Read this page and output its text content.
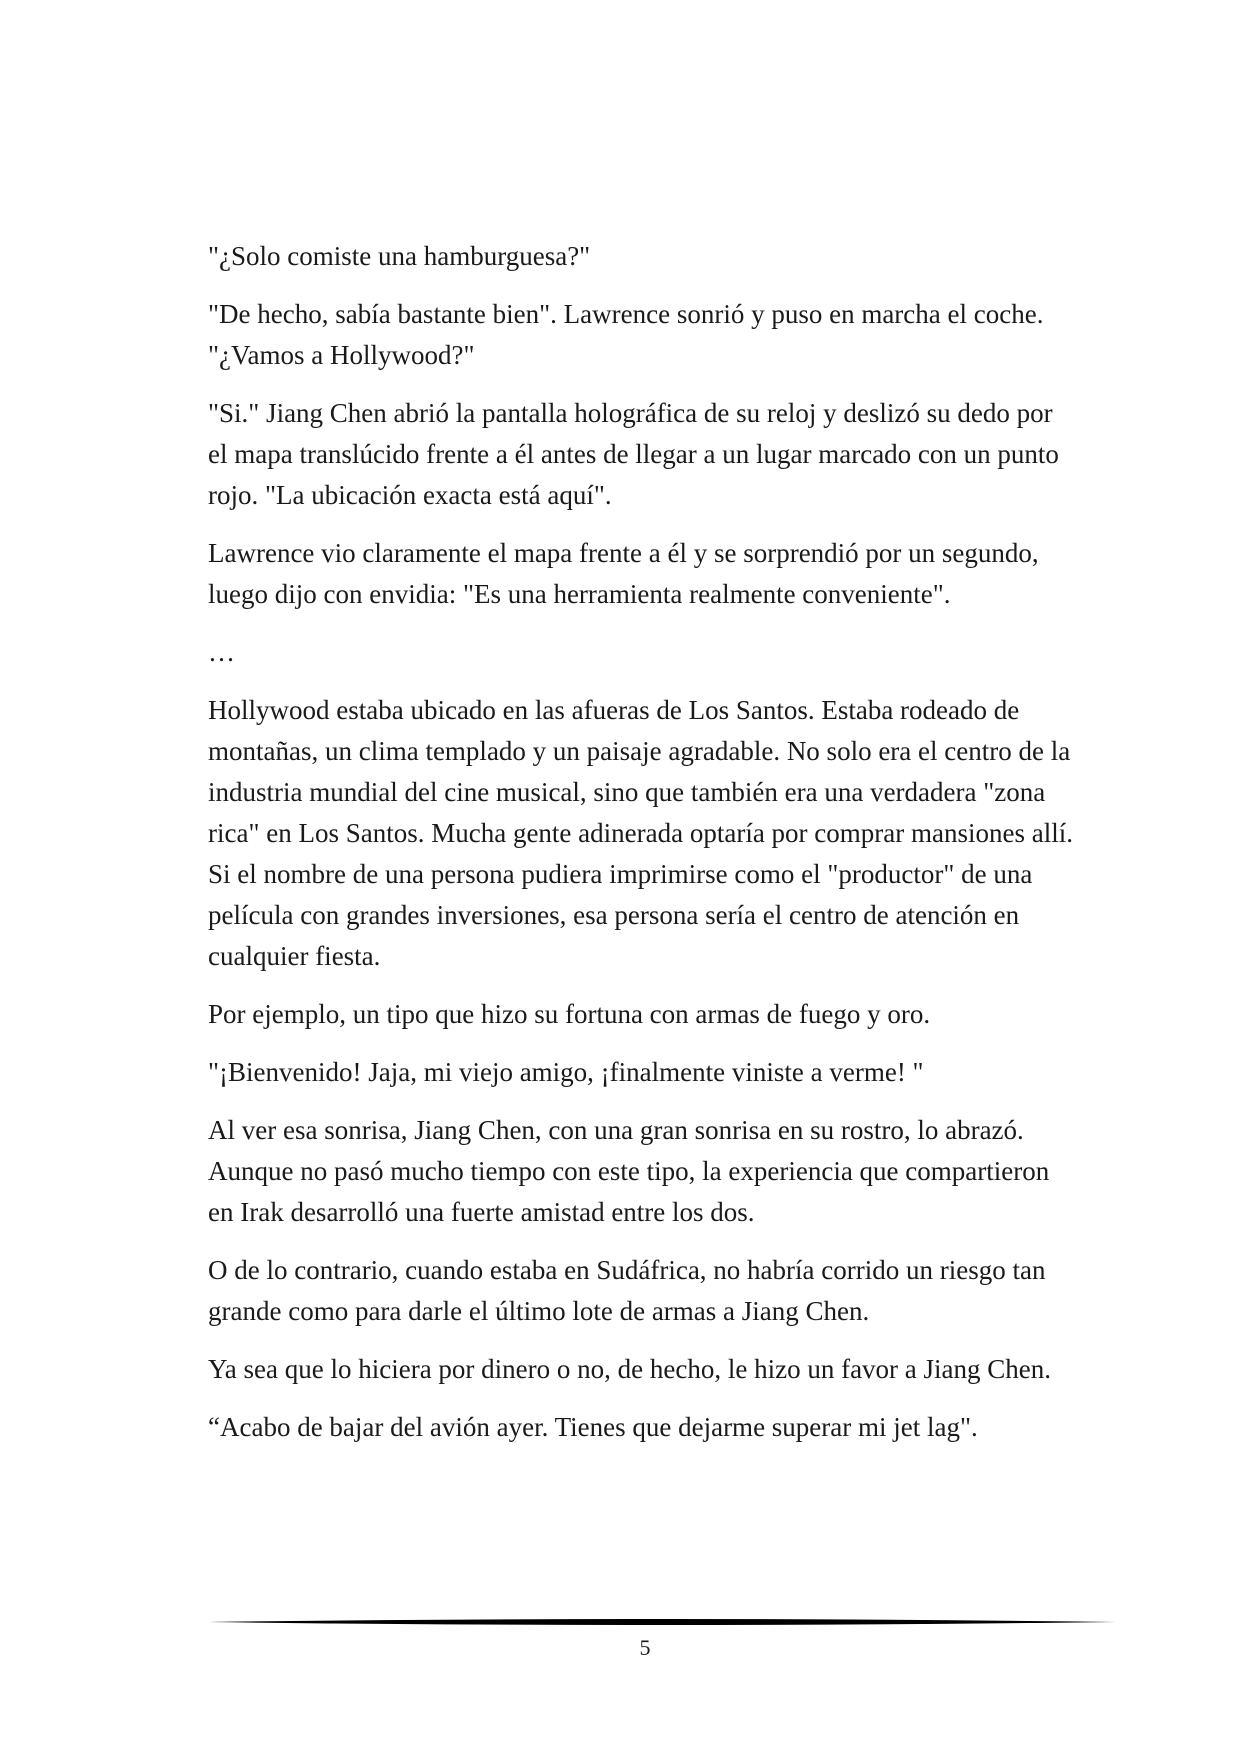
"¿Solo comiste una hamburguesa?"

"De hecho, sabía bastante bien". Lawrence sonrió y puso en marcha el coche. "¿Vamos a Hollywood?"

"Si." Jiang Chen abrió la pantalla holográfica de su reloj y deslizó su dedo por el mapa translúcido frente a él antes de llegar a un lugar marcado con un punto rojo. "La ubicación exacta está aquí".

Lawrence vio claramente el mapa frente a él y se sorprendió por un segundo, luego dijo con envidia: "Es una herramienta realmente conveniente".

…

Hollywood estaba ubicado en las afueras de Los Santos. Estaba rodeado de montañas, un clima templado y un paisaje agradable. No solo era el centro de la industria mundial del cine musical, sino que también era una verdadera "zona rica" en Los Santos. Mucha gente adinerada optaría por comprar mansiones allí. Si el nombre de una persona pudiera imprimirse como el "productor" de una película con grandes inversiones, esa persona sería el centro de atención en cualquier fiesta.

Por ejemplo, un tipo que hizo su fortuna con armas de fuego y oro.

"¡Bienvenido! Jaja, mi viejo amigo, ¡finalmente viniste a verme! "

Al ver esa sonrisa, Jiang Chen, con una gran sonrisa en su rostro, lo abrazó. Aunque no pasó mucho tiempo con este tipo, la experiencia que compartieron en Irak desarrolló una fuerte amistad entre los dos.

O de lo contrario, cuando estaba en Sudáfrica, no habría corrido un riesgo tan grande como para darle el último lote de armas a Jiang Chen.

Ya sea que lo hiciera por dinero o no, de hecho, le hizo un favor a Jiang Chen.

“Acabo de bajar del avión ayer. Tienes que dejarme superar mi jet lag".

5
